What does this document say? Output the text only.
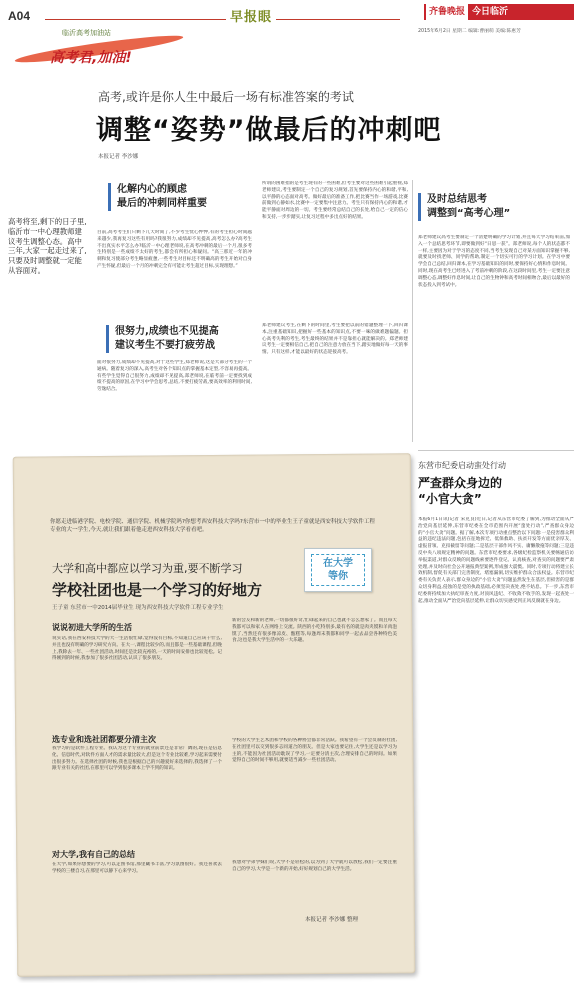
A04	早报眼	齐鲁晚报 今日临沂
2015年6月2日 星期二 编辑:曹丽萌 美编:陈惠芳
临沂高考加油站
高考君,加油!
高考,或许是你人生中最后一场有标准答案的考试
调整“姿势”做最后的冲刺吧
本报记者 李沙娜
高考将至,剩下的日子里,临沂市一中心理教师建议考生调整心态。高中三年,大家一起走过来了,只要及时调整就一定能从容面对。
化解内心的顾虑
最后的冲刺同样重要
目前,高考考生们只剩下几天时间了,不少考生忧心忡忡,有的考生担心时间越来越少,我再复习这些有用吗?我很努力,成绩却不见提高,高考怎么办?高考生不出真实水平怎么办?临沂一中心理老师说,在高考冲刺的最后一个月,很多考生特别是一些成绩不太好的考生,都会有所担心和疑问。“高三那近一年的冲刺和复习使部分考生略显疲惫,一些考生对目标还不明确高的考生开始对自身产生怀疑,但最后一个月的冲刺完全有可能让考生超过目标,实现理想。”
所谓的困难指的是考生现有的一些困难,但考生要对这些困难引起重视,郑老师建议,考生要制定一个自己的复习规划,首先要保持内心的和谐,平和,以平静的心态面对高考。做好最后的准备工作,把比赛当作一场游戏,比赛前做到心静如水,比赛中一定要集中注意力。考生只有保持内心的和谐,才能平静面对周边的一切。考生要经常总结自己的长处,给自己一定的信心和支持,一步步踏实,让复习过程中多出点好的结果。
及时总结思考
调整到“高考心理”
郑老师建议高考生要制定一个清楚明确的学习计划,并且每天学习结束前,加入一个总结思考环节,即要做到好“日思一获”。郑老师说,每个人的状态都不一样,主要因为对于学习的态度不同,当考生发现自己对某方面知识掌握不够,就要及时找老师、同学的帮助,制定一个切实可行的学习计划。在学习中要学会自己总结,回归课本,在学习基础知识的同时,要保持好心情和作息时间。同时,现在高考生已经进入了考前冲刺的阶段,在这段时间里,考生一定要注意调整心态,调整好作息时间,让自己的生物钟和高考时间相吻合,最后以最好的状态投入到考试中。
很努力,成绩也不见提高
建议考生不要打疲劳战
面对很努力,成绩却不见提高,对于这些学生,郑老师说,这是大部分考生的一个通病。随着复习的深入,高考生对各个知识点的掌握基本定型,不容易再提高。有些学生觉得自己很努力,成绩却不见提高,郑老师说,在临考前一定要找到成绩不提高的原因,在学习中学会思考,总结,不要打疲劳战,要高效率的利用时间,劳逸结合。
郑老师建议考生,在剩下的时间里,考生要把以前的错题整理一下,回归课本,注重基础知识,把握好一些基本的知识点,不要一味的做难题偏题。担心高考失利的考生,考生最终的结果并不是靠担心就能解决的。郑老师建议考生一定要相信自己,把自己的注意力放在当下,踏实地做好每一天的事情。只有这样,才能以最好的状态迎接高考。
东营市纪委启动蛮处行动
严查群众身边的
“小官大贪”
本报6月1日讯(记者 宋克良)近日,记者从东营市纪委了解到,为推动全面从严治党向基层延伸,东营市纪委在全市范围内开展“蛮处行动”,严查群众身边的“小官大贪”问题。据了解,本次专项行动重点整治以下问题:一是侵害群众利益的违纪违法问题,包括在征地拆迁、低保救助、扶贫开发等方面优亲厚友、虚报冒领、克扣截留等问题;二是基层干部作风不实、庸懒散拖等问题;三是违反中央八项规定精神的问题。东营市纪委要求,各级纪检监察机关要畅通信访举报渠道,对群众反映的问题线索要逐件登记、认真核查,对查实的问题要严肃处理,并及时向社会公开通报典型案例,形成强大震慑。同时,专项行动将建立长效机制,督促有关部门完善制度、堵塞漏洞,切实维护群众合法权益。东营市纪委有关负责人表示,群众身边的“小官大贪”问题虽然发生在基层,但损害的是群众切身利益,侵蚀的是党的执政基础,必须坚决查处,绝不姑息。下一步,东营市纪委将持续加大执纪审查力度,对顶风违纪、不收敛不收手的,发现一起查处一起,推动全面从严治党向基层延伸,让群众切实感受到正风反腐就在身边。
你愿走进临港学院、电校学院、通信学院、机械学院吗?你想考西安科技大学吗?东营市一中的毕业生王子童就是西安科技大学软件工程专业的大一学生,今天,就让我们跟着他走进西安科技大学看看吧。
大学和高中都应以学习为重,要不断学习
学校社团也是一个学习的好地方
王子童 东营市一中2014届毕业生 现为西安科技大学软件工程专业学生
在大学
等你
说说初进大学所的生活
说实话,我在西安科技大学的大一生活很忙碌,觉得没有目标,不知道自己应该干什么,并且也没有明确的学习研究方向。在大一,课程比较少的,而且都是一些基础课程,但晚上,我除去一年、一些社团活动,时间还是比较充裕的,一天的时间安排也比较宽松。记得刚到的时候,我参加了很多社团活动,认识了很多朋友。
新的会友和新的老师,一切都很好奇,忙碌起来的自己也就不怎么想家了。而且每天我都可以和家人在网络上交流。陕西的小吃特别多,最有名的就是肉夹馍和羊肉泡馍了,当然还有很多像凉皮、甑糕等,每逢周末我都和同学一起去品尝各种特色美食,这也是我大学生活中的一大乐趣。
选专业和选社团都要分清主次
我学习的是软件工程专业。我认为这个专业的就业前景还是非常广阔的,现在是信息化、信息时代,对软件方面人才的需求量比较大,但是这个专业比较难,学习起来需要付出很多努力。在选择社团的时候,我也是根据自己的兴趣爱好来选择的,我选择了一个跟专业有关的社团,在那里可以学到很多课本上学不到的知识。
学校的大学生艺术团和学校的各种协会都非常活跃。我希望有一个会员制的社团,在社团里可以交到很多志同道合的朋友。但是大家也要记住,大学生还是以学习为主的,不能因为社团活动耽误了学习,一定要分清主次,合理安排自己的时间。如果觉得自己的时间不够用,就要适当减少一些社团活动。
对大学,我有自己的总结
在大学,如果你想要的学习,可以走图书馆,那里藏书丰富,学习氛围很好。我还喜欢去学校的三楼自习,在那里可以静下心来学习。
我想对学弟学妹们说,大学不是轻松的,以为到了大学就可以放松,我们一定要注重自己的学习,大学是一个新的开始,好好规划自己的大学生活。
本报记者 李沙娜 整理
